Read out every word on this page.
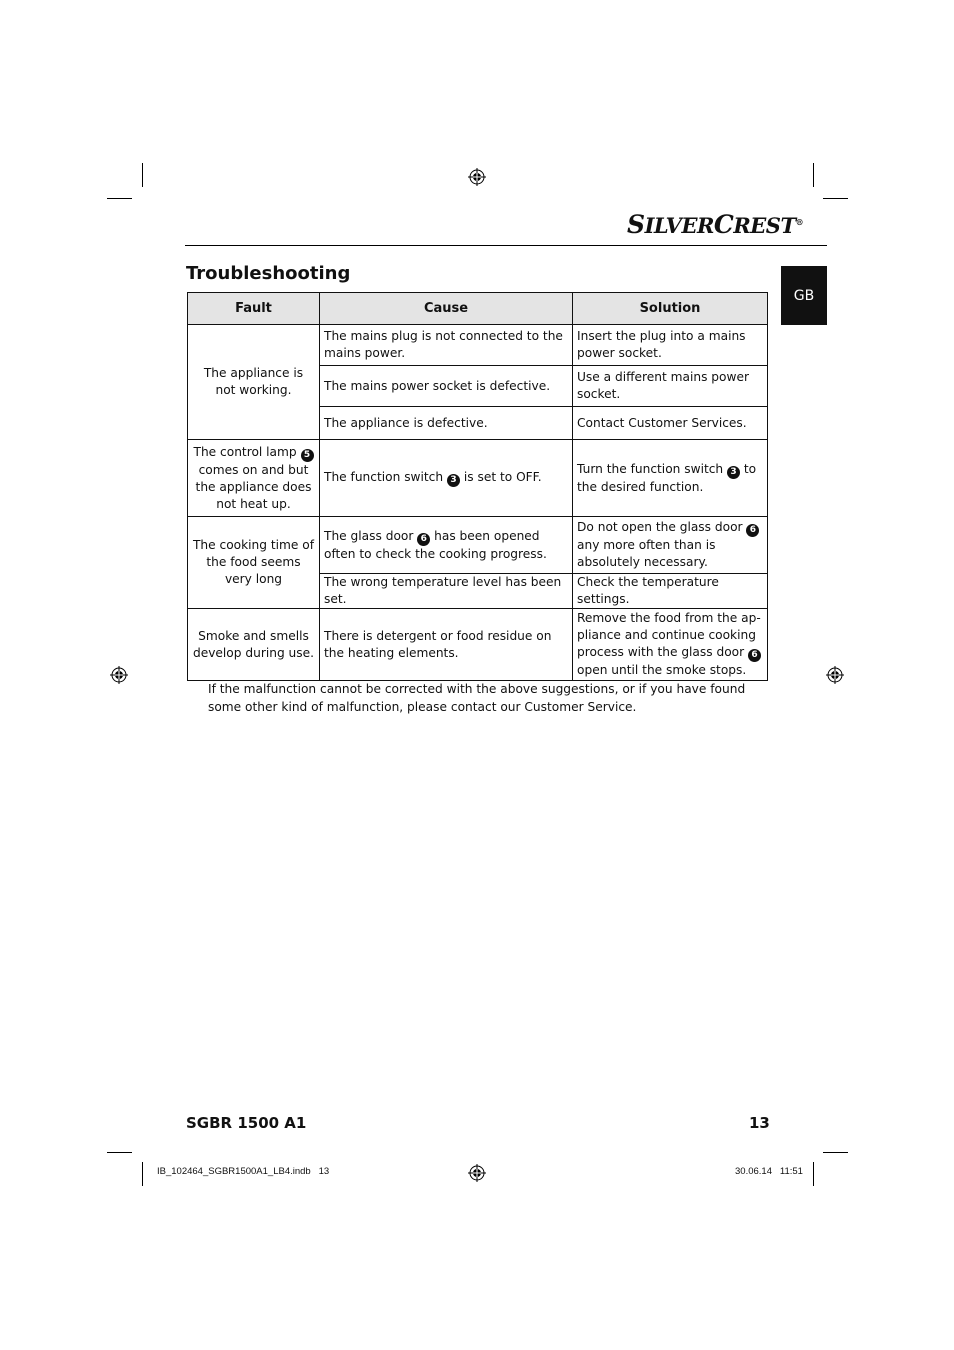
SILVERCREST®
Troubleshooting
GB
Fault	Cause	Solution
The appliance is not working.	The mains plug is not connected to the mains power.	Insert the plug into a mains power socket.
	The mains power socket is defective.	Use a different mains power socket.
	The appliance is defective.	Contact Customer Services.
The control lamp 5 comes on and but the appliance does not heat up.	The function switch 3 is set to OFF.	Turn the function switch 3 to the desired function.
The cooking time of the food seems very long	The glass door 6 has been opened often to check the cooking progress.	Do not open the glass door 6 any more often than is absolutely necessary.
	The wrong temperature level has been set.	Check the temperature settings.
Smoke and smells develop during use.	There is detergent or food residue on the heating elements.	Remove the food from the ap-pliance and continue cooking process with the glass door 6 open until the smoke stops.
If the malfunction cannot be corrected with the above suggestions, or if you have found some other kind of malfunction, please contact our Customer Service.
SGBR 1500 A1	13
IB_102464_SGBR1500A1_LB4.indb   13	30.06.14   11:51
